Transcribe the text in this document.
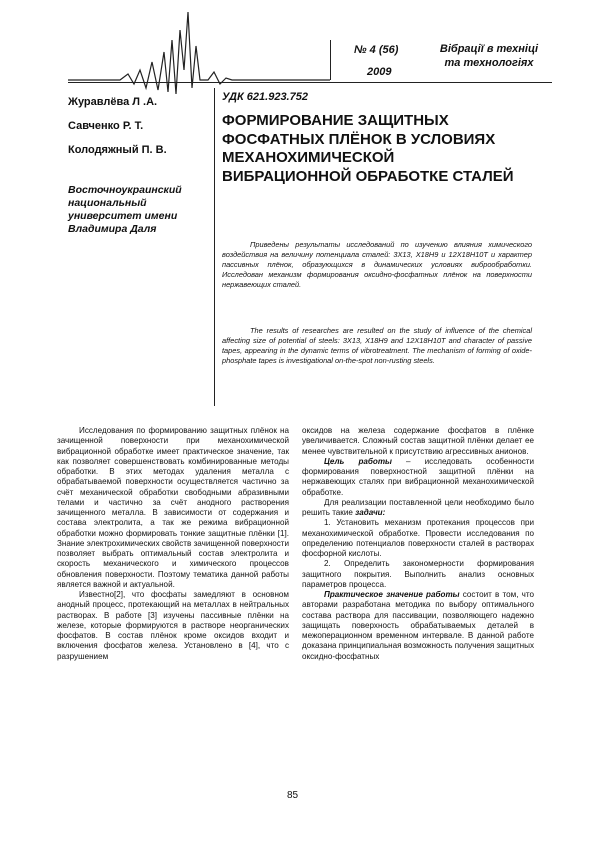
№ 4 (56)
2009
Вібрації в техніці
та технологіях
Журавлёва Л .А.
Савченко Р. Т.
Колодяжный П. В.
Восточноукраинский национальный университет имени Владимира Даля
УДК 621.923.752
ФОРМИРОВАНИЕ ЗАЩИТНЫХ ФОСФАТНЫХ ПЛЁНОК В УСЛОВИЯХ МЕХАНОХИМИЧЕСКОЙ ВИБРАЦИОННОЙ ОБРАБОТКЕ СТАЛЕЙ

Приведены результаты исследований по изучению влияния химического воздействия на величину потенциала сталей: 3Х13, Х18Н9 и 12Х18Н10Т и характер пассивных плёнок, образующихся в динамических условиях виброобработки. Исследован механизм формирования оксидно-фосфатных плёнок на поверхности нержавеющих сталей.

The results of researches are resulted on the study of influence of the chemical affecting size of potential of steels: 3Х13, Х18Н9 and 12Х18Н10Т and character of passive tapes, appearing in the dynamic terms of vibrotreatment. The mechanism of forming of oxide-phosphate tapes is investigational on-the-spot non-rusting steels.

Исследования по формированию защитных плёнок на зачищенной поверхности при механохимической вибрационной обработке имеет практическое значение, так как позволяет совершенствовать комбинированные методы обработки. В этих методах удаления металла с обрабатываемой поверхности осуществляется частично за счёт механической обработки свободными абразивными телами и частично за счёт анодного растворения зачищенного металла. В зависимости от содержания и состава электролита, а так же режима вибрационной обработки можно формировать тонкие защитные плёнки [1]. Знание электрохимических свойств зачищенной поверхности позволяет выбрать оптимальный состав электролита и скорость механического и химического процессов обновления поверхности. Поэтому тематика данной работы является важной и актуальной.

Известно[2], что фосфаты замедляют в основном анодный процесс, протекающий на металлах в нейтральных растворах. В работе [3] изучены пассивные плёнки на железе, которые формируются в растворе неорганических фосфатов. В состав плёнок кроме оксидов входит и включения фосфатов железа. Установлено в [4], что с разрушением

оксидов на железа содержание фосфатов в плёнке увеличивается. Сложный состав защитной плёнки делает ее менее чувствительной к присутствию агрессивных анионов.

Цель работы – исследовать особенности формирования поверхностной защитной плёнки на нержавеющих сталях при вибрационной механохимической обработке.

Для реализации поставленной цели необходимо было решить такие задачи:

1. Установить механизм протекания процессов при механохимической обработке. Провести исследования по определению потенциалов поверхности сталей в растворах фосфорной кислоты.

2. Определить закономерности формирования защитного покрытия. Выполнить анализ основных параметров процесса.

Практическое значение работы состоит в том, что авторами разработана методика по выбору оптимального состава раствора для пассивации, позволяющего надежно защищать поверхность обрабатываемых деталей в межоперационном временном интервале. В данной работе доказана принципиальная возможность получения защитных оксидно-фосфатных

85
